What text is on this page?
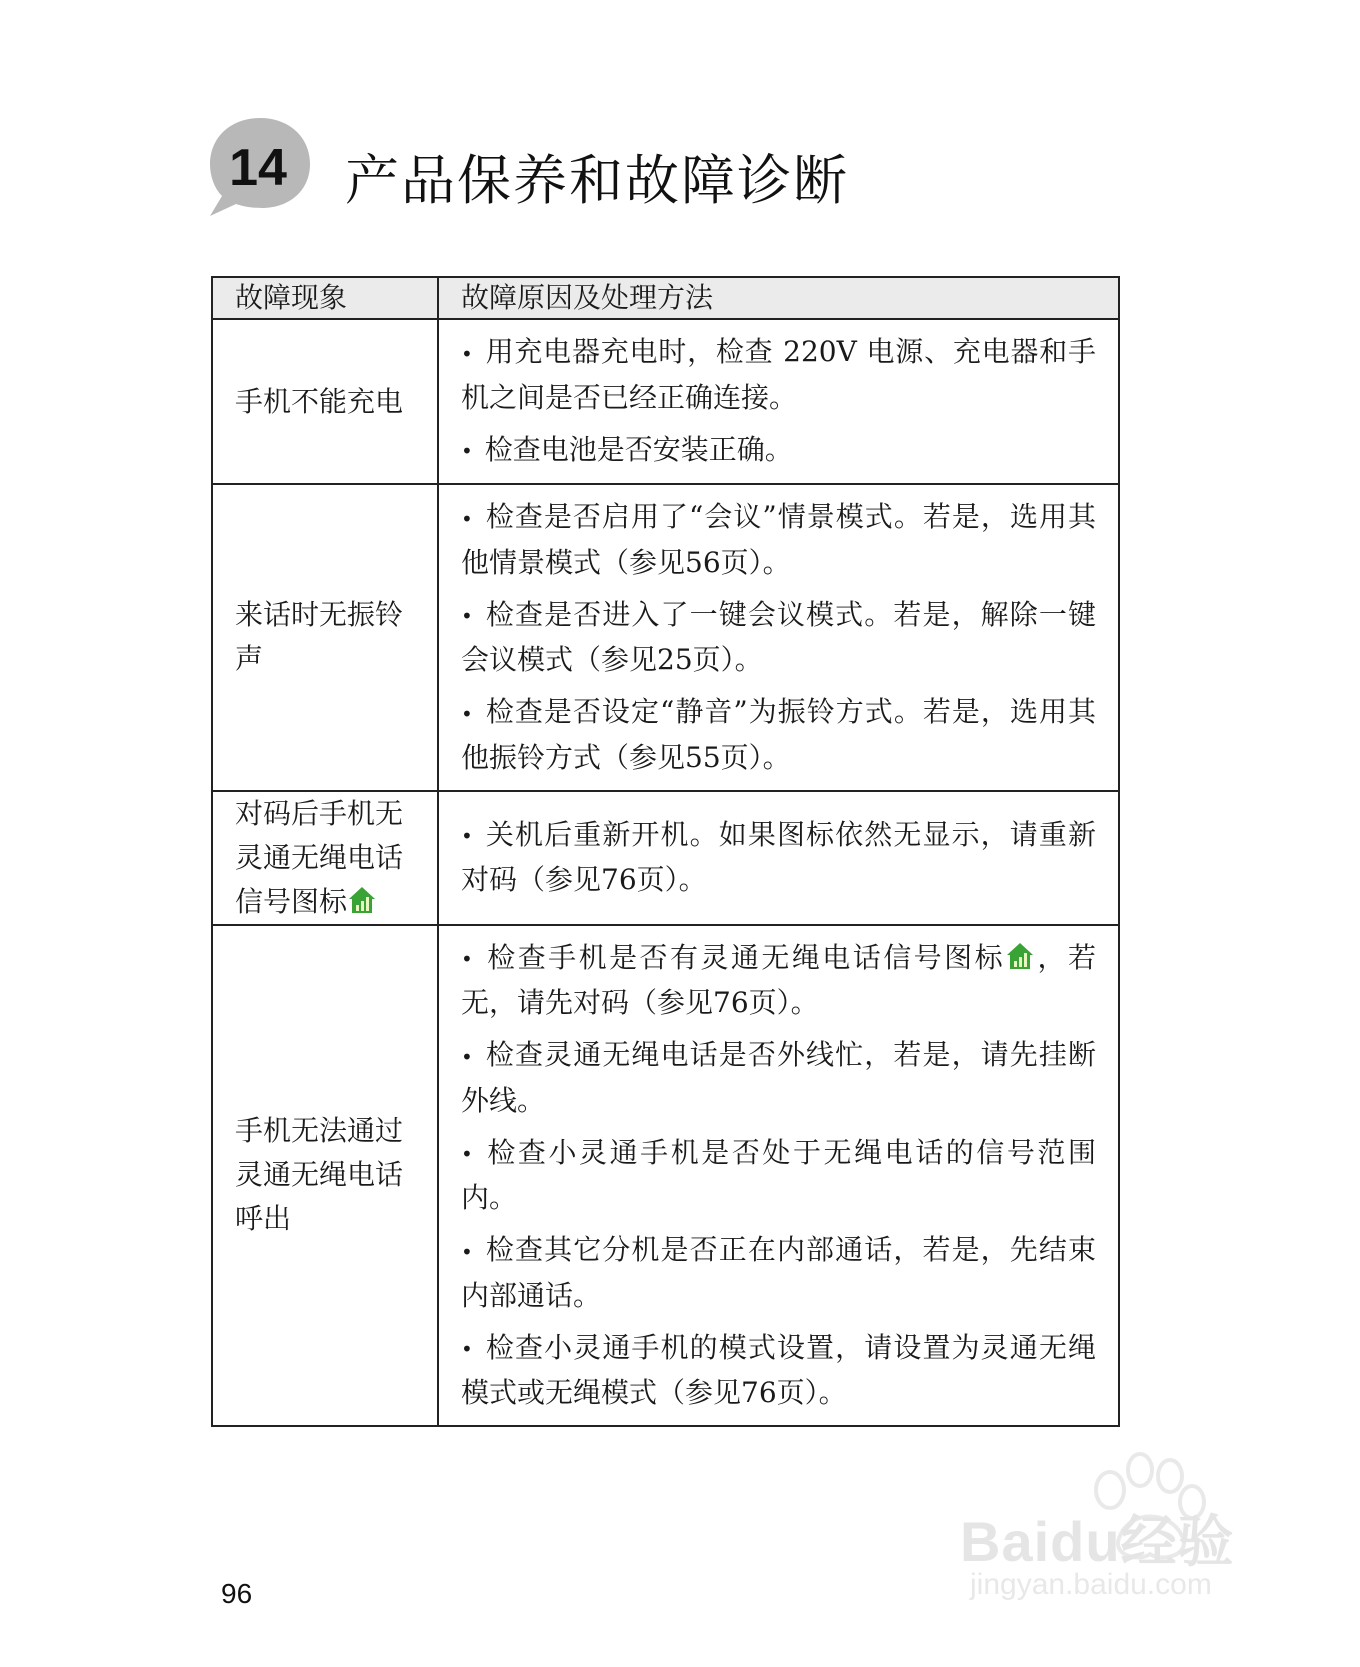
14	产品保养和故障诊断
故障现象	故障原因及处理方法
手机不能充电	• 用充电器充电时，检查 220V 电源、充电器和手机之间是否已经正确连接。

• 检查电池是否安装正确。

来话时无振铃声	• 检查是否启用了“会议”情景模式。若是，选用其他情景模式（参见56页）。

• 检查是否进入了一键会议模式。若是，解除一键会议模式（参见25页）。

• 检查是否设定“静音”为振铃方式。若是，选用其他振铃方式（参见55页）。

对码后手机无灵通无绳电话信号图标	• 关机后重新开机。如果图标依然无显示，请重新对码（参见76页）。

手机无法通过灵通无绳电话呼出	• 检查手机是否有灵通无绳电话信号图标 ，若无，请先对码（参见76页）。

• 检查灵通无绳电话是否外线忙，若是，请先挂断外线。

• 检查小灵通手机是否处于无绳电话的信号范围内。

• 检查其它分机是否正在内部通话，若是，先结束内部通话。

• 检查小灵通手机的模式设置，请设置为灵通无绳模式或无绳模式（参见76页）。

96
Baidu经验
jingyan.baidu.com
